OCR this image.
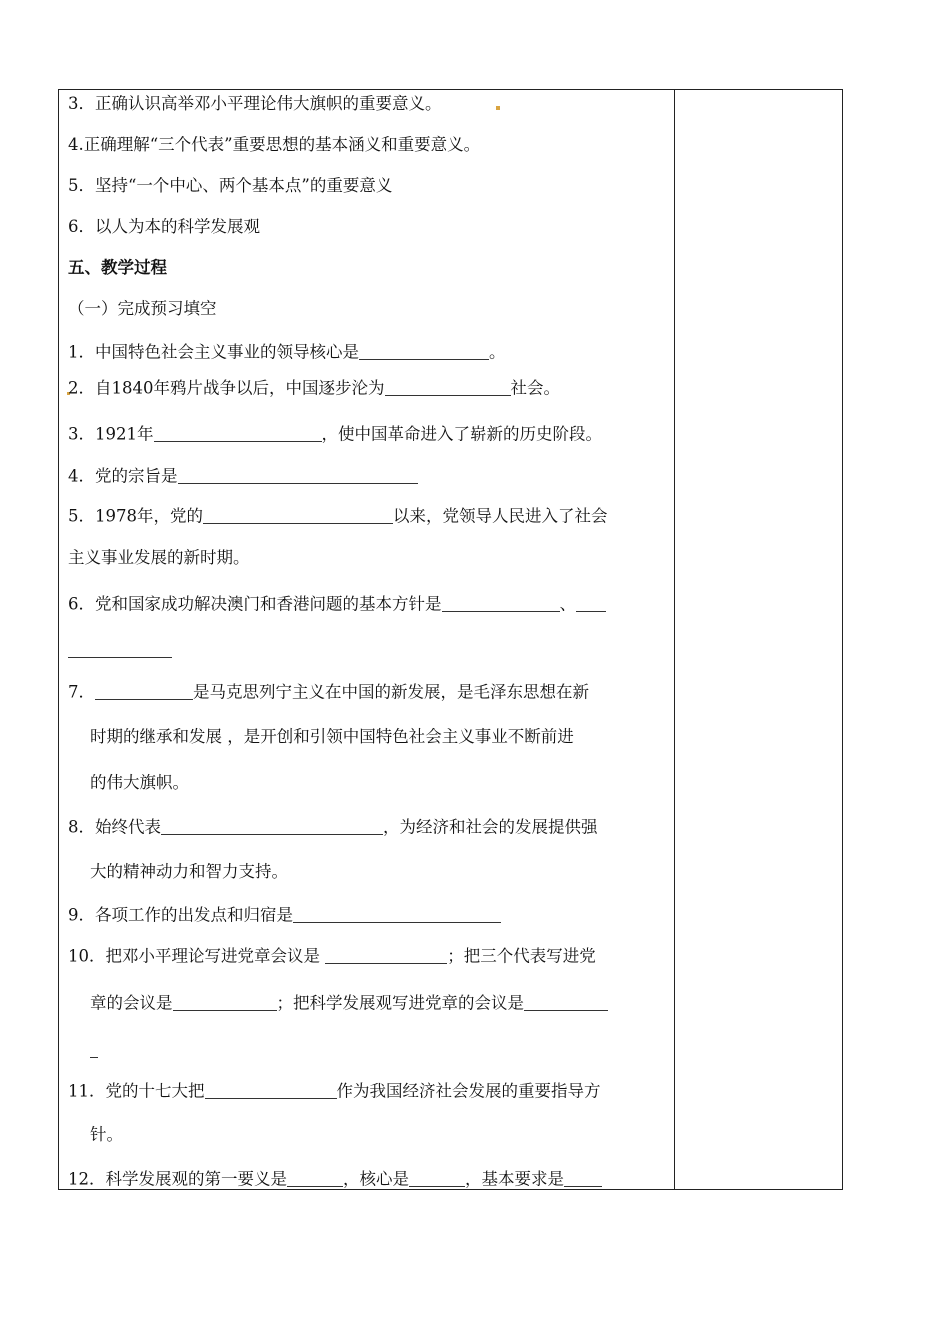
3．正确认识高举邓小平理论伟大旗帜的重要意义。
4.正确理解“三个代表”重要思想的基本涵义和重要意义。
5．坚持“一个中心、两个基本点”的重要意义
6．以人为本的科学发展观
五、教学过程
（一）完成预习填空
1．中国特色社会主义事业的领导核心是	。
2．自1840年鸦片战争以后，中国逐步沦为	社会。
3．1921年	，使中国革命进入了崭新的历史阶段。
4．党的宗旨是
5．1978年，党的	以来，党领导人民进入了社会
主义事业发展的新时期。
6．党和国家成功解决澳门和香港问题的基本方针是	、
7．	是马克思列宁主义在中国的新发展，是毛泽东思想在新
时期的继承和发展 ，是开创和引领中国特色社会主义事业不断前进
的伟大旗帜。
8．始终代表	，为经济和社会的发展提供强
大的精神动力和智力支持。
9．各项工作的出发点和归宿是
10．把邓小平理论写进党章会议是	；把三个代表写进党
章的会议是	；把科学发展观写进党章的会议是
11．党的十七大把	作为我国经济社会发展的重要指导方
针。
12．科学发展观的第一要义是	，核心是	，基本要求是
